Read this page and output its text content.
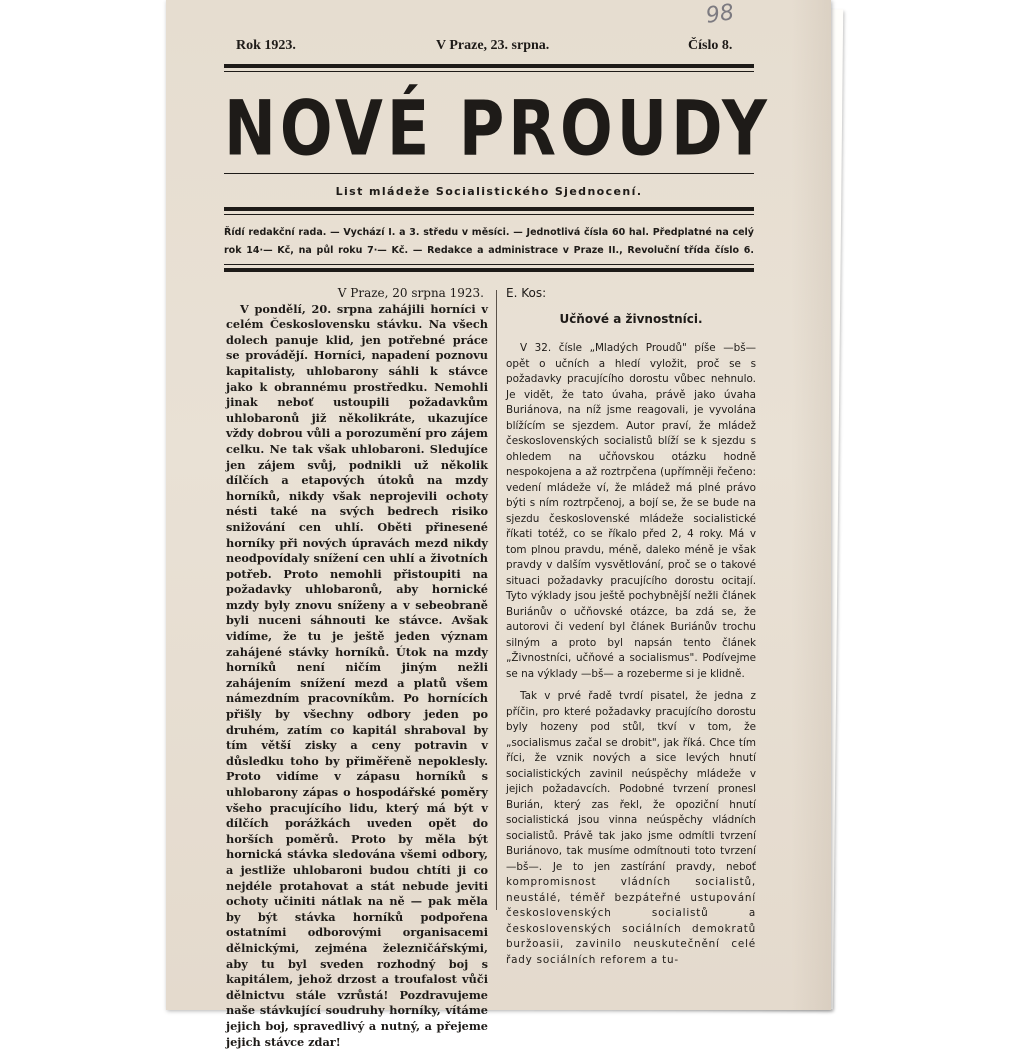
98
Rok 1923.	V Praze, 23. srpna.	Číslo 8.
NOVÉ PROUDY
List mládeže Socialistického Sjednocení.
Řídí redakční rada. — Vychází I. a 3. středu v měsíci. — Jednotlivá čísla 60 hal. Předplatné na celý
rok 14·— Kč, na půl roku 7·— Kč. — Redakce a administrace v Praze II., Revoluční třída číslo 6.
V Praze, 20 srpna 1923.

V pondělí, 20. srpna zahájili horníci v celém Československu stávku. Na všech dolech panuje klid, jen potřebné práce se provádějí. Horníci, napadení poznovu kapitalisty, uhlobarony sáhli k stávce jako k obrannému prostředku. Nemohli jinak neboť ustoupili požadavkům uhlobaronů již několikráte, ukazujíce vždy dobrou vůli a porozumění pro zájem celku. Ne tak však uhlobaroni. Sledujíce jen zájem svůj, podnikli už několik dílčích a etapových útoků na mzdy horníků, nikdy však neprojevili ochoty nésti také na svých bedrech risiko snižování cen uhlí. Oběti přinesené horníky při nových úpravách mezd nikdy neodpovídaly snížení cen uhlí a životních potřeb. Proto nemohli přistoupiti na požadavky uhlobaronů, aby hornické mzdy byly znovu sníženy a v sebeobraně byli nuceni sáhnouti ke stávce. Avšak vidíme, že tu je ještě jeden význam zahájené stávky horníků. Útok na mzdy horníků není ničím jiným nežli zahájením snížení mezd a platů všem námezdním pracovníkům. Po hornících přišly by všechny odbory jeden po druhém, zatím co kapitál shraboval by tím větší zisky a ceny potravin v důsledku toho by přiměřeně nepoklesly. Proto vidíme v zápasu horníků s uhlobarony zápas o hospodářské poměry všeho pracujícího lidu, který má být v dílčích porážkách uveden opět do horších poměrů. Proto by měla být hornická stávka sledována všemi odbory, a jestliže uhlobaroni budou chtíti ji co nejdéle protahovat a stát nebude jeviti ochoty učiniti nátlak na ně — pak měla by být stávka horníků podpořena ostatními odborovými organisacemi dělnickými, zejména železničářskými, aby tu byl sveden rozhodný boj s kapitálem, jehož drzost a troufalost vůči dělnictvu stále vzrůstá! Pozdravujeme naše stávkující soudruhy horníky, vítáme jejich boj, spravedlivý a nutný, a přejeme jejich stávce zdar!

E. Kos:
Učňové a živnostníci.

V 32. čísle „Mladých Proudů" píše —bš— opět o učních a hledí vyložit, proč se s požadavky pracujícího dorostu vůbec nehnulo. Je vidět, že tato úvaha, právě jako úvaha Buriánova, na níž jsme reagovali, je vyvolána blížícím se sjezdem. Autor praví, že mládež československých socialistů blíží se k sjezdu s ohledem na učňovskou otázku hodně nespokojena a až roztrpčena (upřímněji řečeno: vedení mládeže ví, že mládež má plné právo býti s ním roztrpčenoj, a bojí se, že se bude na sjezdu československé mládeže socialistické říkati totéž, co se říkalo před 2, 4 roky. Má v tom plnou pravdu, méně, daleko méně je však pravdy v dalším vysvětlování, proč se o takové situaci požadavky pracujícího dorostu ocitají. Tyto výklady jsou ještě pochybnější nežli článek Buriánův o učňovské otázce, ba zdá se, že autorovi či vedení byl článek Buriánův trochu silným a proto byl napsán tento článek „Živnostníci, učňové a socialismus". Podívejme se na výklady —bš— a rozeberme si je klidně.

Tak v prvé řadě tvrdí pisatel, že jedna z příčin, pro které požadavky pracujícího dorostu byly hozeny pod stůl, tkví v tom, že „socialismus začal se drobit", jak říká. Chce tím říci, že vznik nových a sice levých hnutí socialistických zavinil neúspěchy mládeže v jejich požadavcích. Podobné tvrzení pronesl Burián, který zas řekl, že opoziční hnutí socialistická jsou vinna neúspěchy vládních socialistů. Právě tak jako jsme odmítli tvrzení Buriánovo, tak musíme odmítnouti toto tvrzení —bš—. Je to jen zastírání pravdy, neboť kompromisnost vládních socialistů, neustálé, téměř bezpáteřné ustupování československých socialistů a československých sociálních demokratů buržoasii, zavinilo neuskutečnění celé řady sociálních reforem a tu-
